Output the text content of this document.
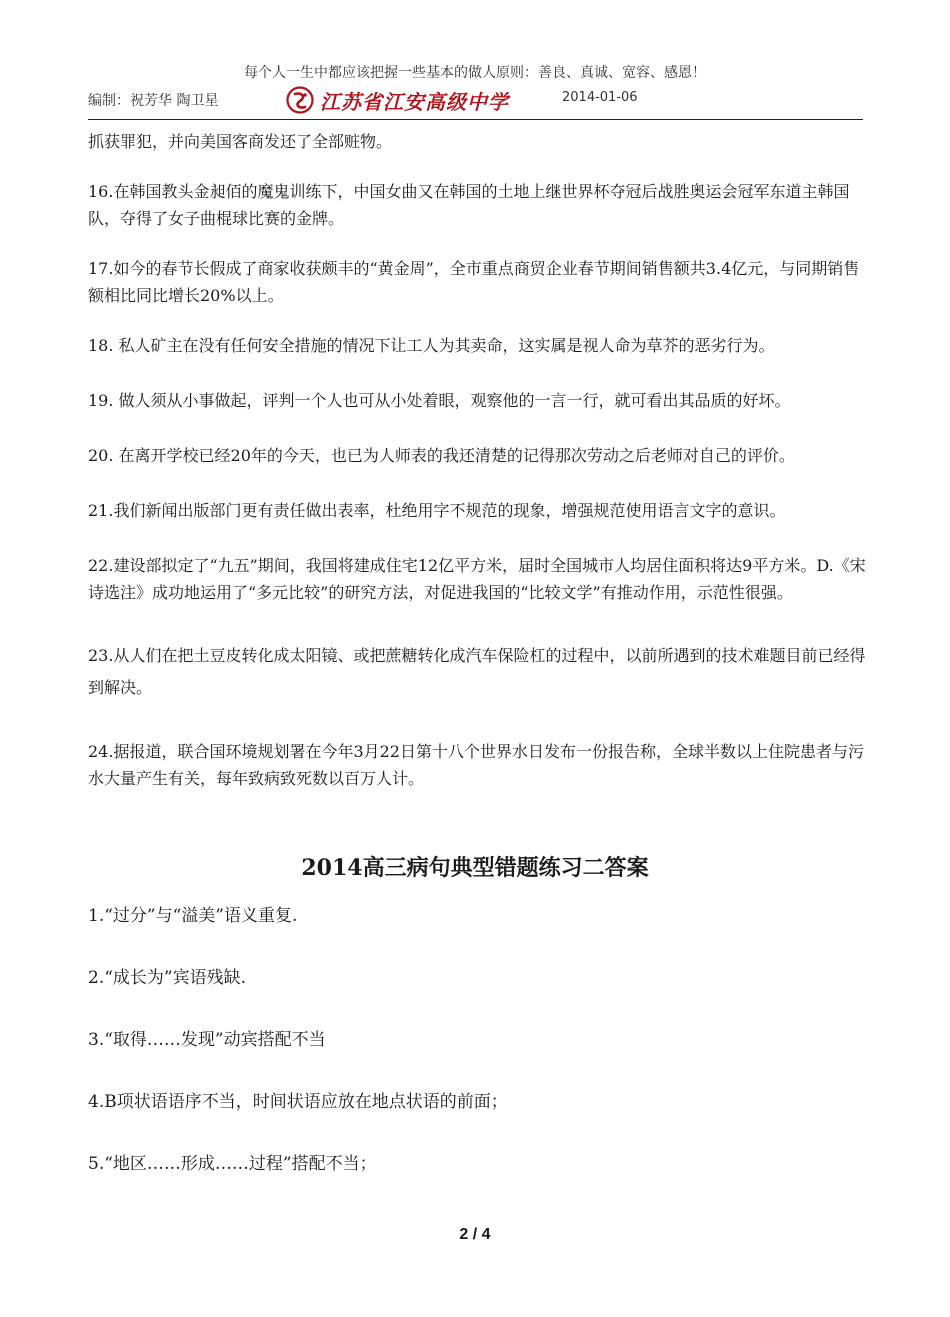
每个人一生中都应该把握一些基本的做人原则：善良、真诚、宽容、感恩！
编制：祝芳华 陶卫星	江苏省江安高级中学	2014-01-06

抓获罪犯，并向美国客商发还了全部赃物。

16.在韩国教头金昶佰的魔鬼训练下，中国女曲又在韩国的土地上继世界杯夺冠后战胜奥运会冠军东道主韩国队，夺得了女子曲棍球比赛的金牌。

17.如今的春节长假成了商家收获颇丰的“黄金周”，全市重点商贸企业春节期间销售额共3.4亿元，与同期销售额相比同比增长20%以上。

18. 私人矿主在没有任何安全措施的情况下让工人为其卖命，这实属是视人命为草芥的恶劣行为。

19. 做人须从小事做起，评判一个人也可从小处着眼，观察他的一言一行，就可看出其品质的好坏。

20. 在离开学校已经20年的今天，也已为人师表的我还清楚的记得那次劳动之后老师对自己的评价。

21.我们新闻出版部门更有责任做出表率，杜绝用字不规范的现象，增强规范使用语言文字的意识。

22.建设部拟定了“九五”期间，我国将建成住宅12亿平方米，届时全国城市人均居住面积将达9平方米。D.《宋诗选注》成功地运用了“多元比较”的研究方法，对促进我国的“比较文学”有推动作用，示范性很强。

23.从人们在把土豆皮转化成太阳镜、或把蔗糖转化成汽车保险杠的过程中，以前所遇到的技术难题目前已经得到解决。

24.据报道，联合国环境规划署在今年3月22日第十八个世界水日发布一份报告称，全球半数以上住院患者与污水大量产生有关，每年致病致死数以百万人计。

2014高三病句典型错题练习二答案

1.“过分”与“溢美”语义重复.

2.“成长为”宾语残缺.

3.“取得……发现”动宾搭配不当

4.B项状语语序不当，时间状语应放在地点状语的前面；

5.“地区……形成……过程”搭配不当；

2 / 4
